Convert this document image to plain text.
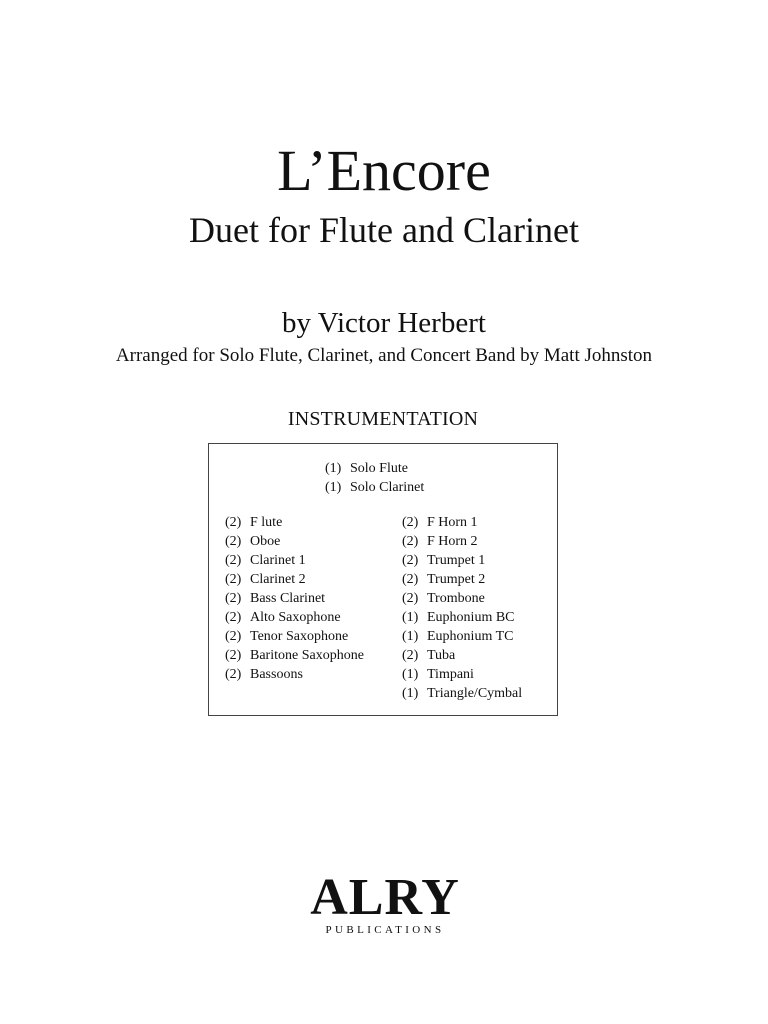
L’Encore
Duet for Flute and Clarinet
by Victor Herbert
Arranged for Solo Flute, Clarinet, and Concert Band by Matt Johnston
INSTRUMENTATION
(1) Solo Flute
(1) Solo Clarinet
(2) F lute
(2) Oboe
(2) Clarinet 1
(2) Clarinet 2
(2) Bass Clarinet
(2) Alto Saxophone
(2) Tenor Saxophone
(2) Baritone Saxophone
(2) Bassoons
(2) F Horn 1
(2) F Horn 2
(2) Trumpet 1
(2) Trumpet 2
(2) Trombone
(1) Euphonium BC
(1) Euphonium TC
(2) Tuba
(1) Timpani
(1) Triangle/Cymbal
ALRY
PUBLICATIONS
